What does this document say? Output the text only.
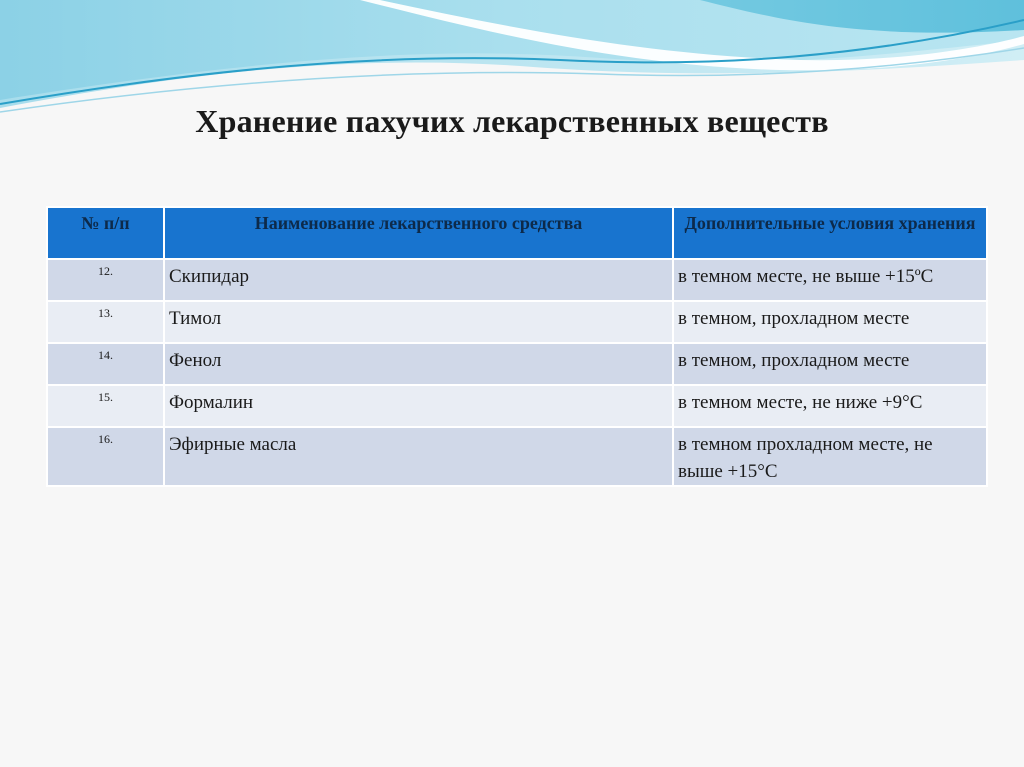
Хранение пахучих лекарственных веществ
№ п/п	Наименование лекарственного средства	Дополнительные условия хранения
12.	Скипидар	в темном месте, не выше +15ºС
13.	Тимол	в темном, прохладном месте
14.	Фенол	в темном, прохладном месте
15.	Формалин	в темном месте, не ниже +9°С
16.	Эфирные масла	в темном прохладном месте, не выше +15°С
